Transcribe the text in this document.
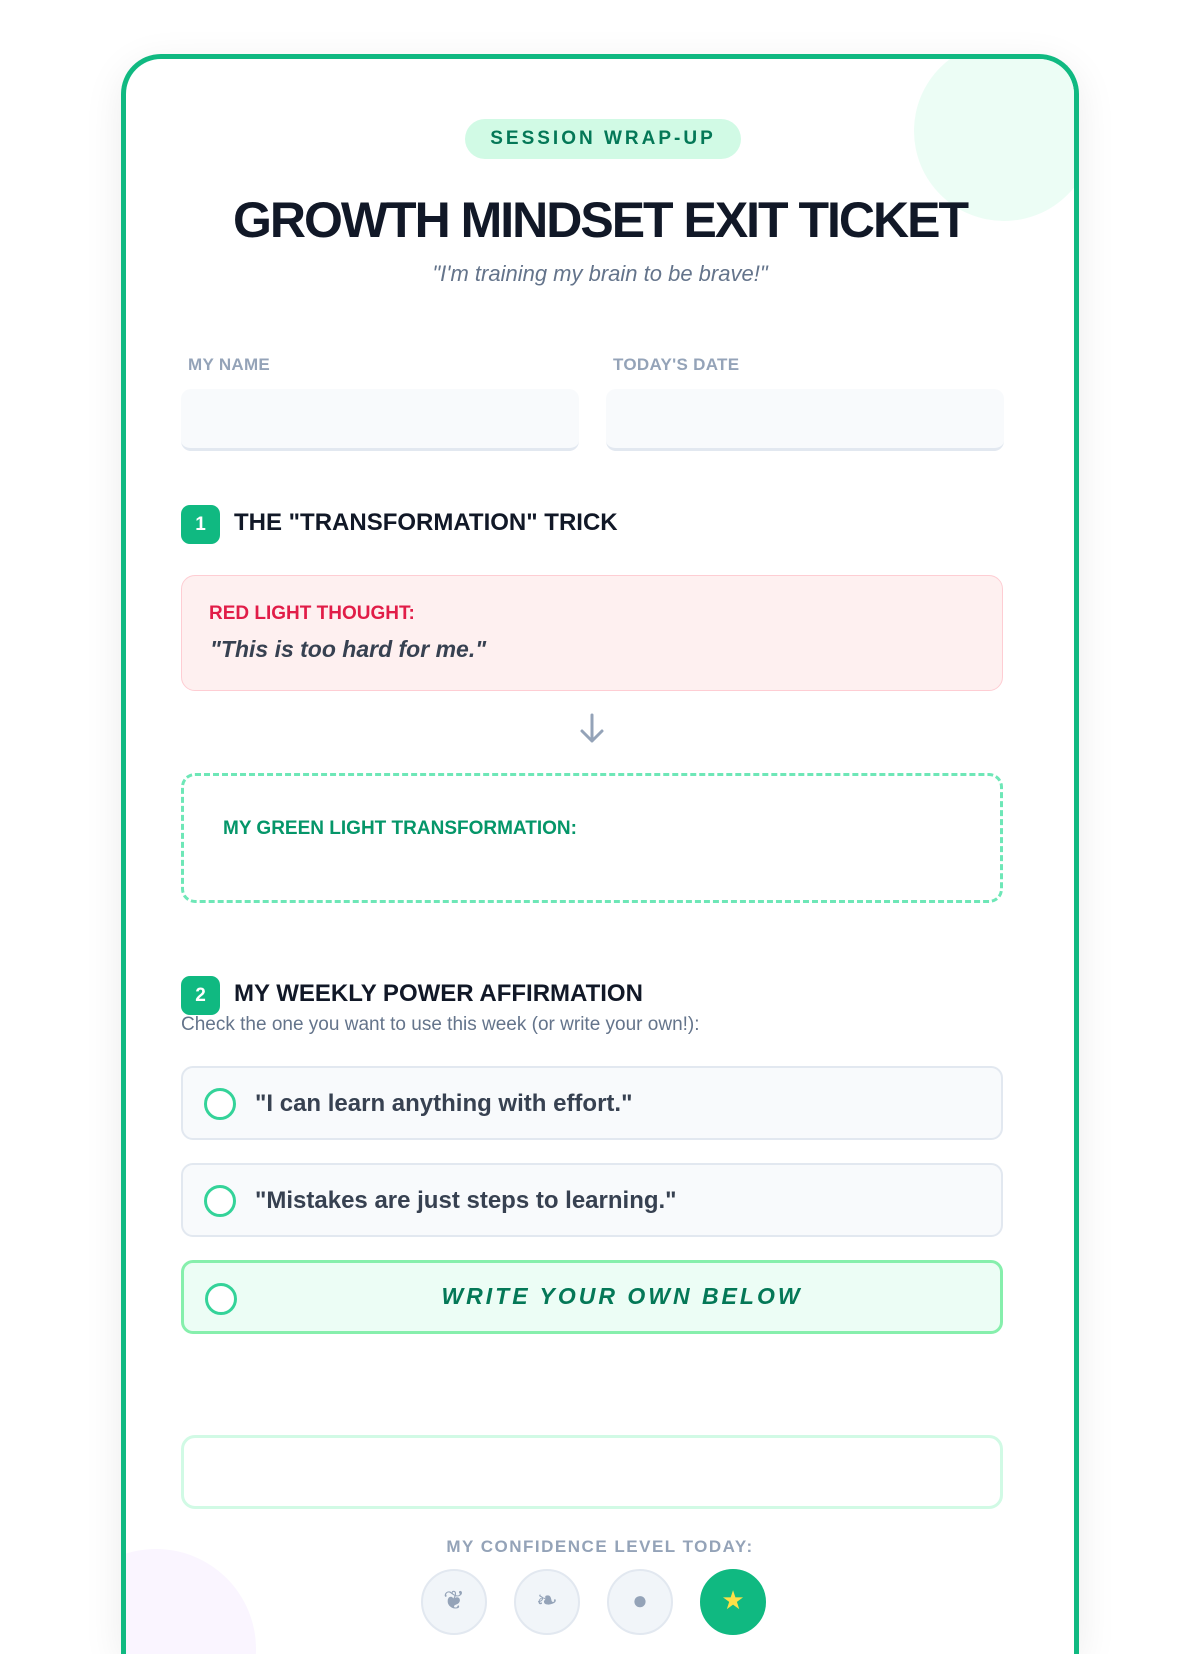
SESSION WRAP-UP
GROWTH MINDSET EXIT TICKET
"I'm training my brain to be brave!"
MY NAME	TODAY'S DATE
1	THE "TRANSFORMATION" TRICK
RED LIGHT THOUGHT:
"This is too hard for me."
MY GREEN LIGHT TRANSFORMATION:
2	MY WEEKLY POWER AFFIRMATION
Check the one you want to use this week (or write your own!):
"I can learn anything with effort."
"Mistakes are just steps to learning."
WRITE YOUR OWN BELOW
MY CONFIDENCE LEVEL TODAY:
❦	❧	●	★
